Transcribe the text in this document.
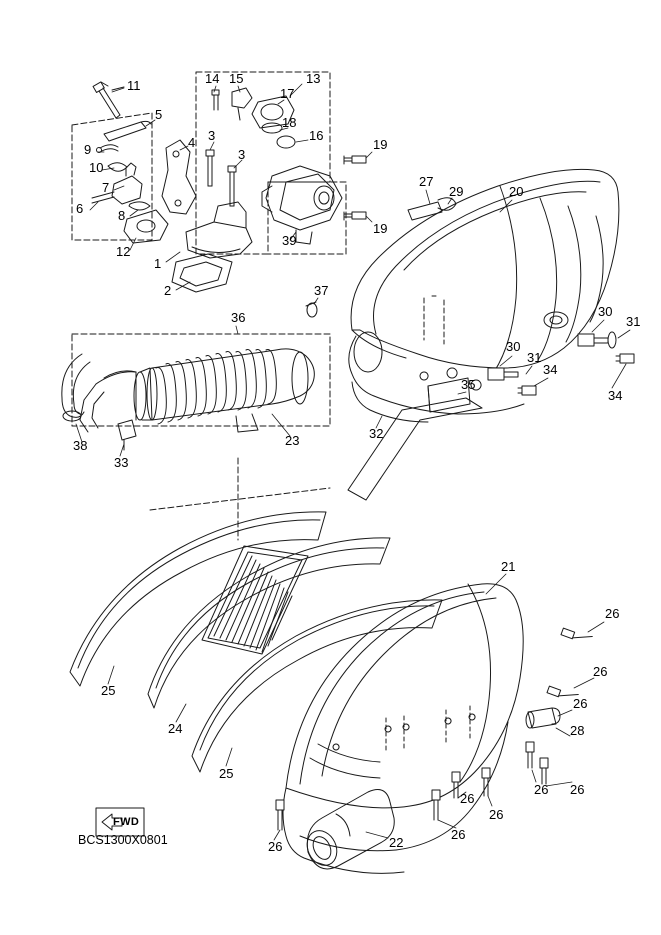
11	14 15	13
17
5
18
16
9	4 3
3
19
10
27
29	20
7
6	8
19
39
12
1
2	37
30
31
36
30
31
34
34
35
38
33
23	32
21
26
26
26
28
25
24
25
26 26
26
26
26
26	22
FWD
BCS1300X0801
